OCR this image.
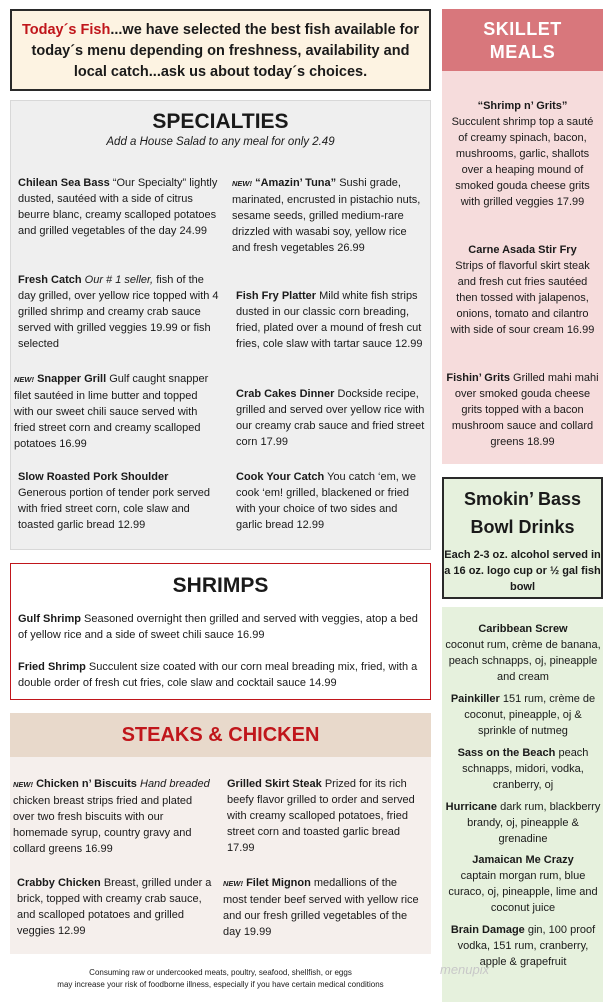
Today´s Fish...we have selected the best fish available for today´s menu depending on freshness, availability and local catch...ask us about today´s choices.
SPECIALTIES
Add a House Salad to any meal for only 2.49
Chilean Sea Bass “Our Specialty” lightly dusted, sautéed with a side of citrus beurre blanc, creamy scalloped potatoes and grilled vegetables of the day 24.99
NEW! “Amazin’ Tuna” Sushi grade, marinated, encrusted in pistachio nuts, sesame seeds, grilled medium-rare drizzled with wasabi soy, yellow rice and fresh vegetables 26.99
Fresh Catch Our # 1 seller, fish of the day grilled, over yellow rice topped with 4 grilled shrimp and creamy crab sauce served with grilled veggies 19.99 or fish selected
Fish Fry Platter Mild white fish strips dusted in our classic corn breading, fried, plated over a mound of fresh cut fries, cole slaw with tartar sauce 12.99
NEW! Snapper Grill Gulf caught snapper filet sautéed in lime butter and topped with our sweet chili sauce served with fried street corn and creamy scalloped potatoes 16.99
Crab Cakes Dinner Dockside recipe, grilled and served over yellow rice with our creamy crab sauce and fried street corn 17.99
Slow Roasted Pork Shoulder
Generous portion of tender pork served with fried street corn, cole slaw and toasted garlic bread 12.99
Cook Your Catch You catch ‘em, we cook ‘em! grilled, blackened or fried with your choice of two sides and garlic bread 12.99
SHRIMPS
Gulf Shrimp Seasoned overnight then grilled and served with veggies, atop a bed of yellow rice and a side of sweet chili sauce 16.99
Fried Shrimp Succulent size coated with our corn meal breading mix, fried, with a double order of fresh cut fries, cole slaw and cocktail sauce 14.99
STEAKS & CHICKEN
NEW! Chicken n’ Biscuits Hand breaded chicken breast strips fried and plated over two fresh biscuits with our homemade syrup, country gravy and collard greens 16.99
Grilled Skirt Steak Prized for its rich beefy flavor grilled to order and served with creamy scalloped potatoes, fried street corn and toasted garlic bread 17.99
Crabby Chicken Breast, grilled under a brick, topped with creamy crab sauce, and scalloped potatoes and grilled veggies 12.99
NEW! Filet Mignon medallions of the most tender beef served with yellow rice and our fresh grilled vegetables of the day 19.99
Consuming raw or undercooked meats, poultry, seafood, shellfish, or eggs
may increase your risk of foodborne illness, especially if you have certain medical conditions
SKILLET
MEALS
“Shrimp n’ Grits”
Succulent shrimp top a sauté of creamy spinach, bacon, mushrooms, garlic, shallots over a heaping mound of smoked gouda cheese grits with grilled veggies 17.99
Carne Asada Stir Fry
Strips of flavorful skirt steak and fresh cut fries sautéed then tossed with jalapenos, onions, tomato and cilantro with side of sour cream 16.99
Fishin’ Grits Grilled mahi mahi over smoked gouda cheese grits topped with a bacon mushroom sauce and collard greens 18.99
Smokin’ Bass
Bowl Drinks
Each 2-3 oz. alcohol served in a 16 oz. logo cup or ½ gal fish bowl
Caribbean Screw
coconut rum, crème de banana, peach schnapps, oj, pineapple and cream
Painkiller 151 rum, crème de coconut, pineapple, oj & sprinkle of nutmeg
Sass on the Beach peach schnapps, midori, vodka, cranberry, oj
Hurricane dark rum, blackberry brandy, oj, pineapple & grenadine
Jamaican Me Crazy
captain morgan rum, blue curaco, oj, pineapple, lime and coconut juice
Brain Damage gin, 100 proof vodka, 151 rum, cranberry, apple & grapefruit
menupix
